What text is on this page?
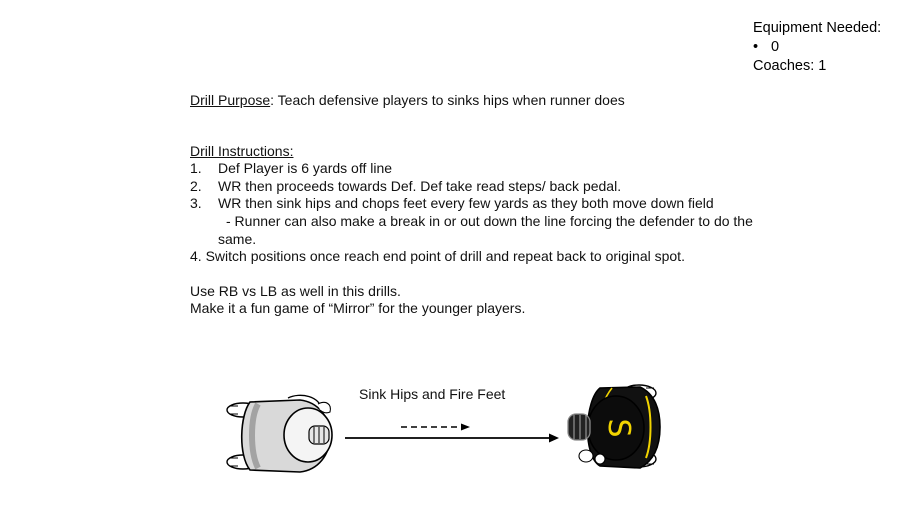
Equipment Needed:
• 0
Coaches: 1
Drill Purpose: Teach defensive players to sinks hips when runner does
Drill Instructions:
1.	Def Player is 6 yards off line
2.	WR then proceeds towards Def. Def take read steps/ back pedal.
3.	WR then sink hips and chops feet every few yards as they both move down field
- Runner can also make a break in or out down the line forcing the defender to do the
same.
4. Switch positions once reach end point of drill and repeat back to original spot.
Use RB vs LB as well in this drills.
Make it a fun game of “Mirror” for the younger players.
Sink Hips and Fire Feet
S
